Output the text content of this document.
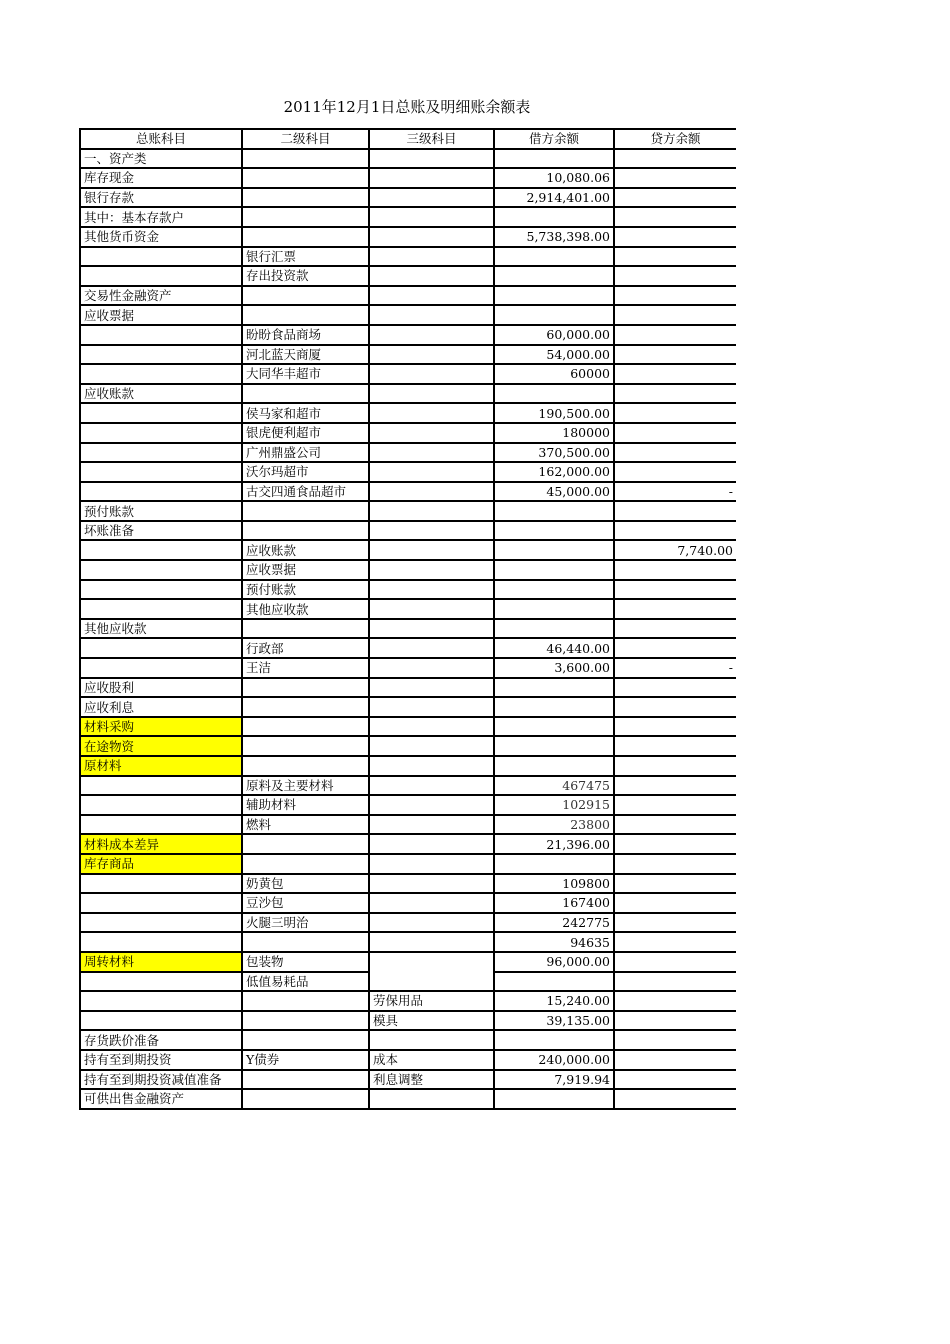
2011年12月1日总账及明细账余额表
总账科目	二级科目	三级科目	借方余额	贷方余额
一、资产类				
库存现金			10,080.06	
银行存款			2,914,401.00	
其中：基本存款户				
其他货币资金			5,738,398.00	
	银行汇票			
	存出投资款			
交易性金融资产				
应收票据				
	盼盼食品商场		60,000.00	
	河北蓝天商厦		54,000.00	
	大同华丰超市		60000	
应收账款				
	侯马家和超市		190,500.00	
	银虎便利超市		180000	
	广州鼎盛公司		370,500.00	
	沃尔玛超市		162,000.00	
	古交四通食品超市		45,000.00	-
预付账款				
坏账准备				
	应收账款			7,740.00
	应收票据			
	预付账款			
	其他应收款			
其他应收款				
	行政部		46,440.00	
	王洁		3,600.00	-
应收股利				
应收利息				
材料采购				
在途物资				
原材料				
	原料及主要材料		467475	
	辅助材料		102915	
	燃料		23800	
材料成本差异			21,396.00	
库存商品				
	奶黄包		109800	
	豆沙包		167400	
	火腿三明治		242775	
			94635	
周转材料	包装物		96,000.00	
	低值易耗品			
		劳保用品	15,240.00	
		模具	39,135.00	
存货跌价准备				
持有至到期投资	Y债券	成本	240,000.00	
持有至到期投资减值准备		利息调整	7,919.94	
可供出售金融资产				
